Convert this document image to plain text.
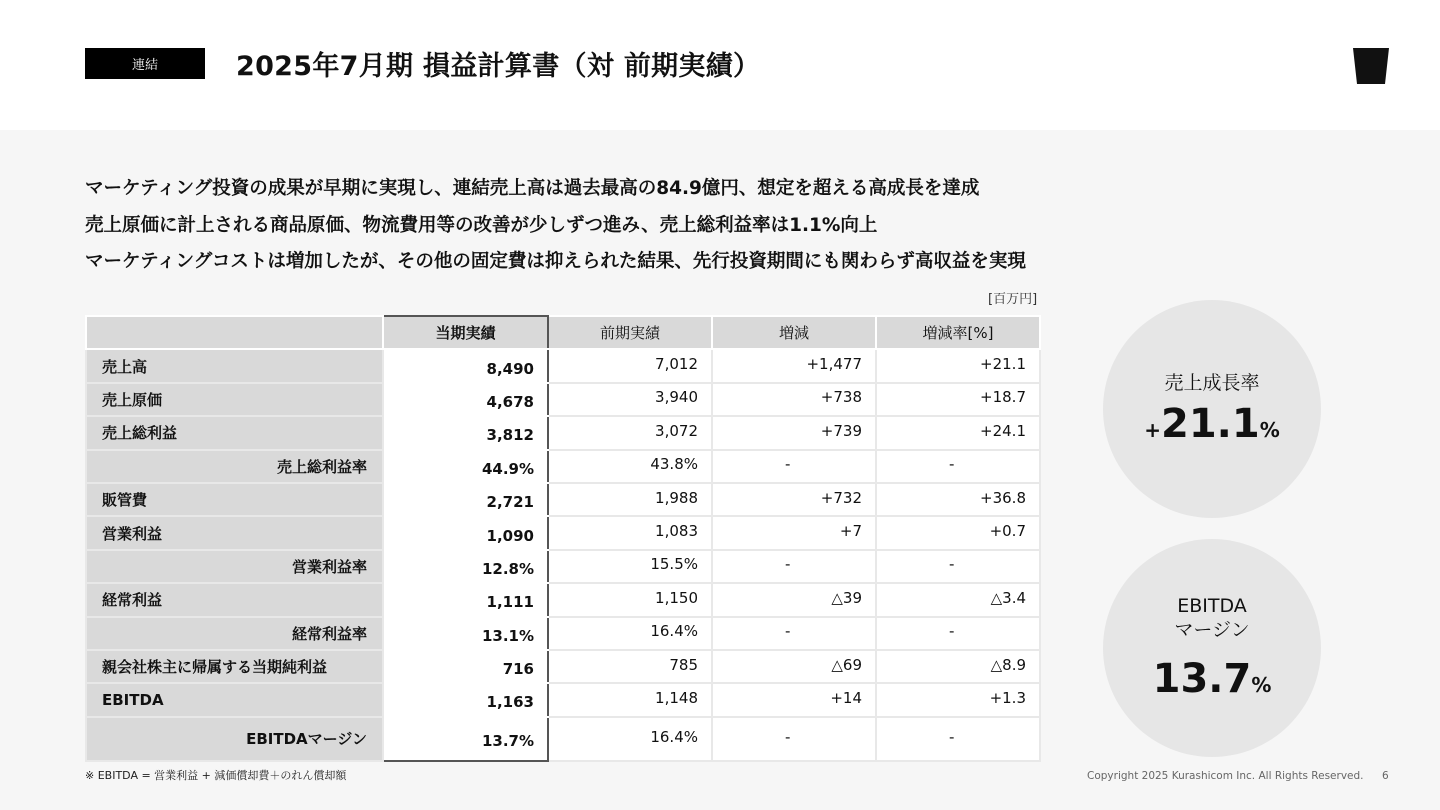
連結	2025年7月期 損益計算書（対 前期実績）
マーケティング投資の成果が早期に実現し、連結売上高は過去最高の84.9億円、想定を超える高成長を達成
売上原価に計上される商品原価、物流費用等の改善が少しずつ進み、売上総利益率は1.1%向上
マーケティングコストは増加したが、その他の固定費は抑えられた結果、先行投資期間にも関わらず高収益を実現
[百万円]
	当期実績	前期実績	増減	増減率[%]
売上高	8,490	7,012	+1,477	+21.1
売上原価	4,678	3,940	+738	+18.7
売上総利益	3,812	3,072	+739	+24.1
売上総利益率	44.9%	43.8%	-	-
販管費	2,721	1,988	+732	+36.8
営業利益	1,090	1,083	+7	+0.7
営業利益率	12.8%	15.5%	-	-
経常利益	1,111	1,150	△39	△3.4
経常利益率	13.1%	16.4%	-	-
親会社株主に帰属する当期純利益	716	785	△69	△8.9
EBITDA	1,163	1,148	+14	+1.3
EBITDAマージン	13.7%	16.4%	-	-
売上成長率
+21.1%
EBITDA
マージン
13.7%
※ EBITDA = 営業利益 + 減価償却費＋のれん償却額	Copyright 2025 Kurashicom Inc. All Rights Reserved. 6
